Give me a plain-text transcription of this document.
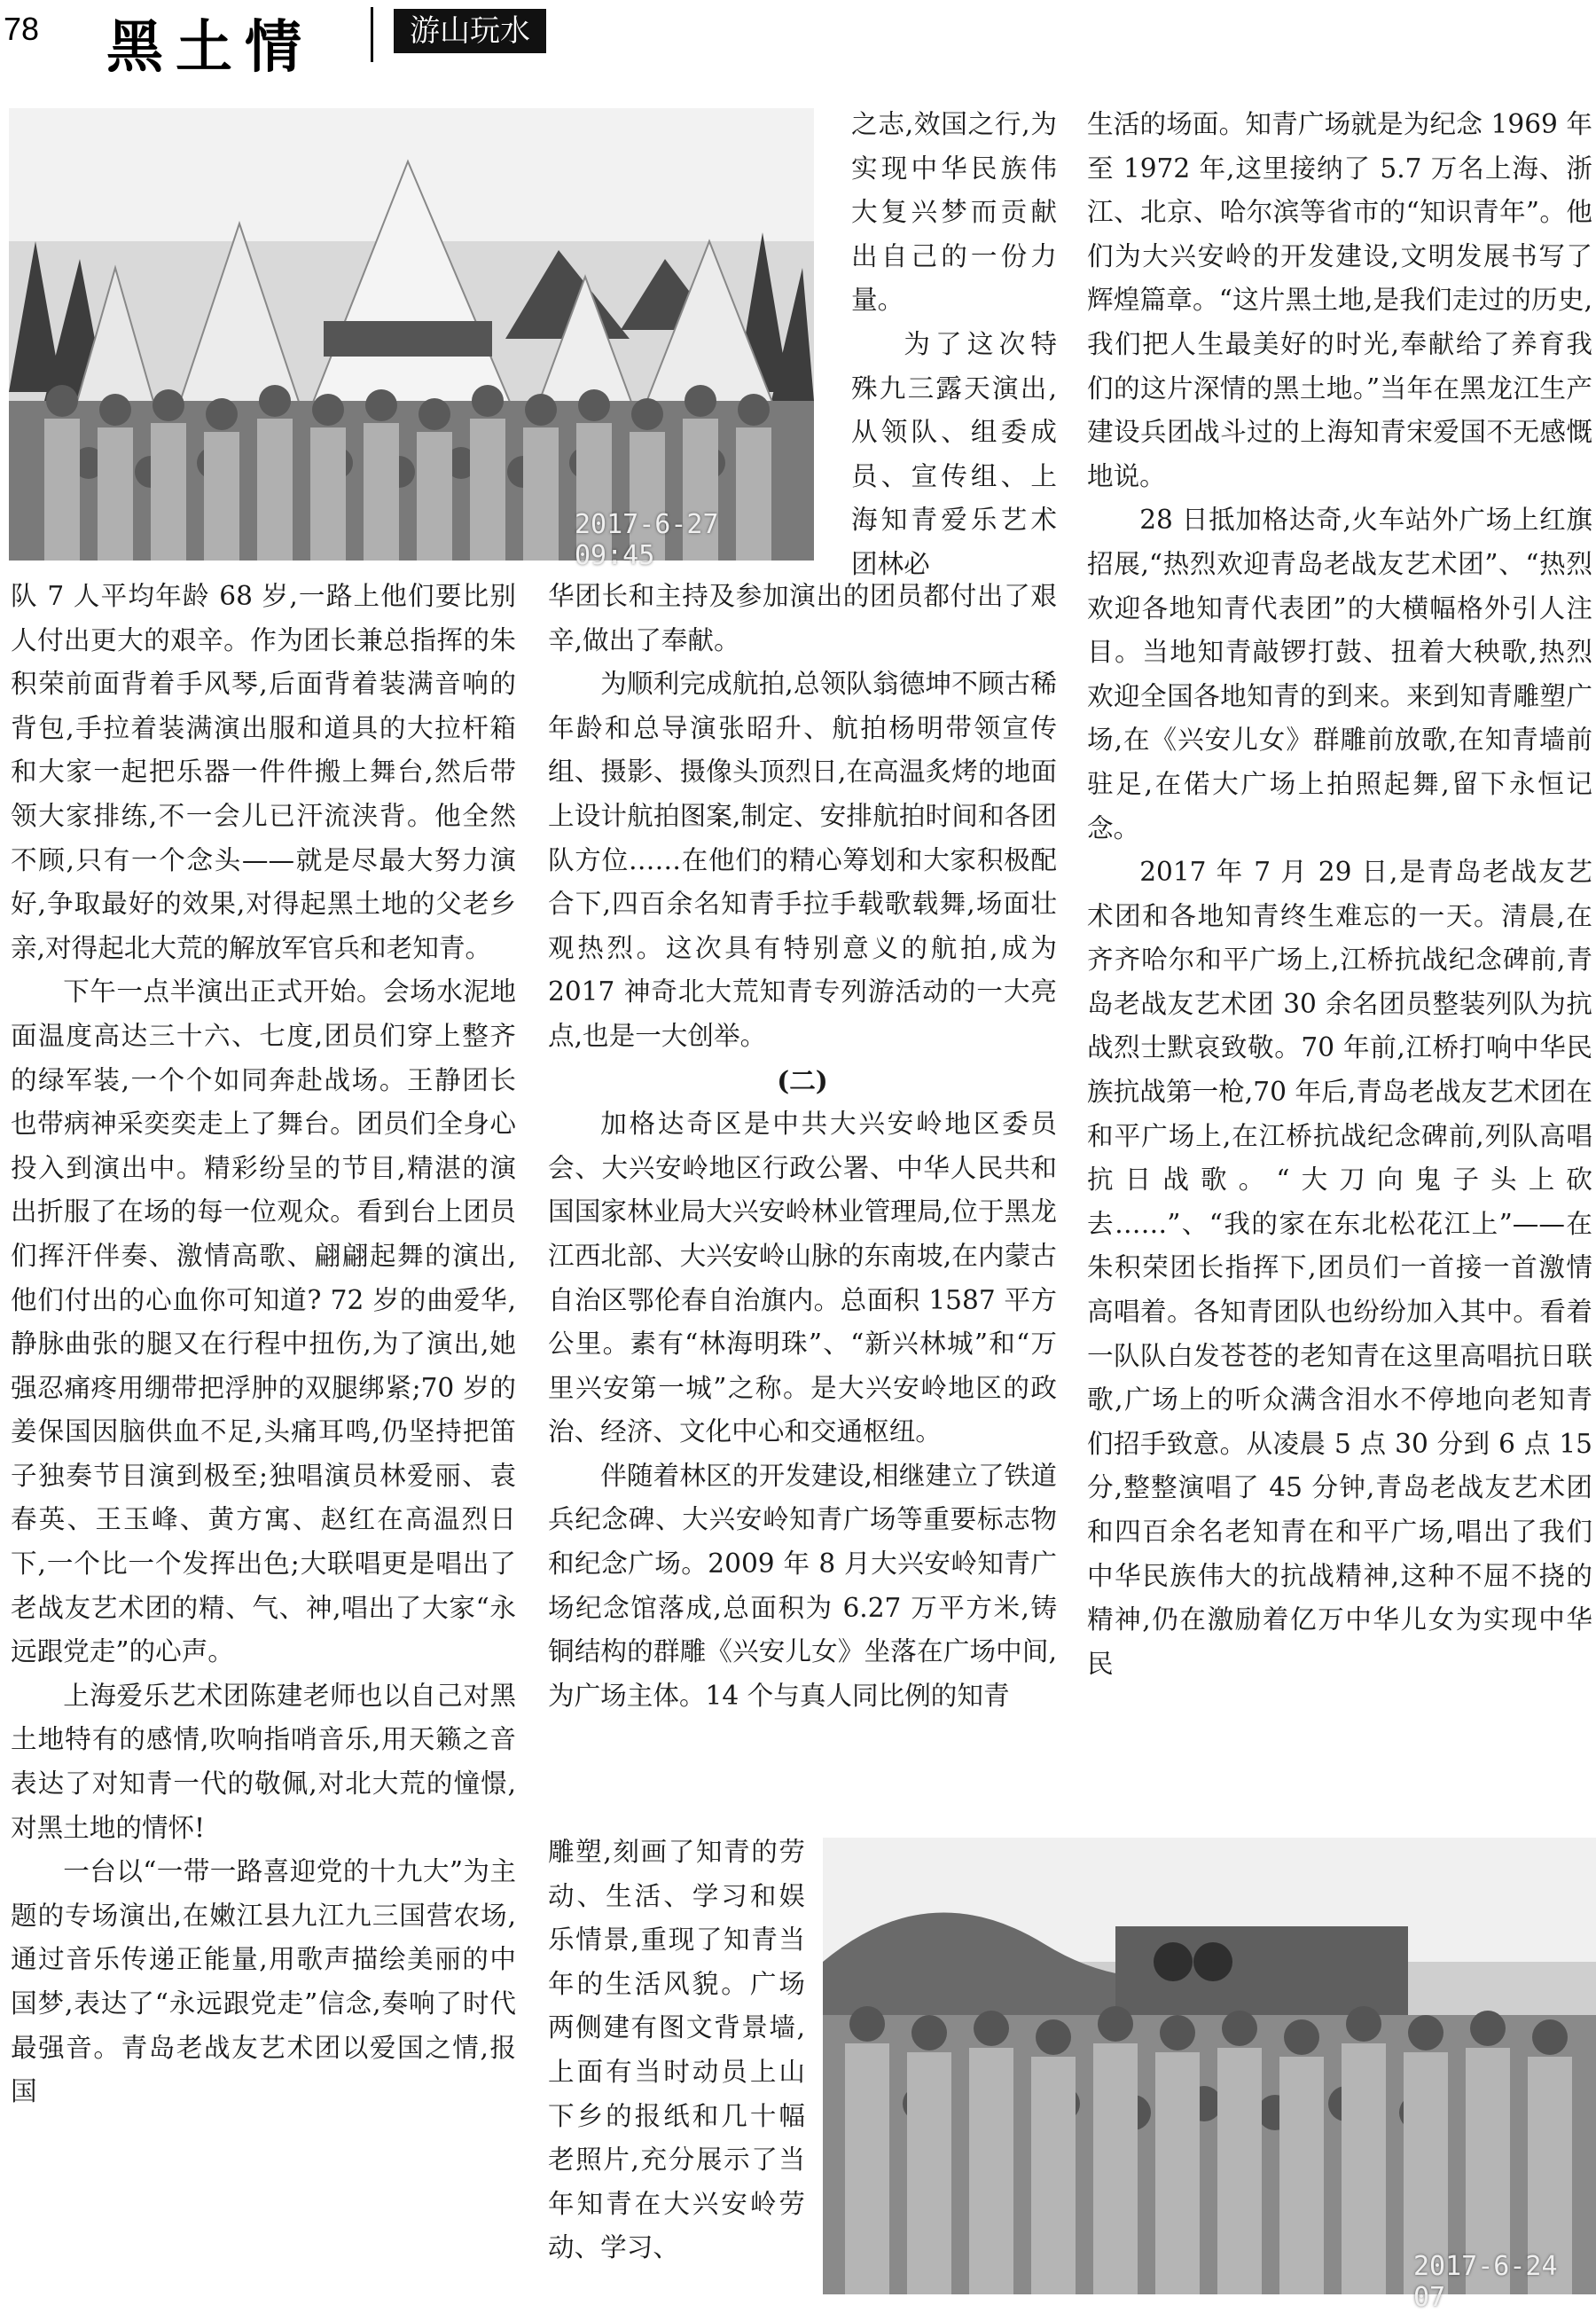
78 黑土情	游山玩水
2017-6-27 09:45
2017-6-24 07

队 7 人平均年龄 68 岁,一路上他们要比别人付出更大的艰辛。作为团长兼总指挥的朱积荣前面背着手风琴,后面背着装满音响的背包,手拉着装满演出服和道具的大拉杆箱和大家一起把乐器一件件搬上舞台,然后带领大家排练,不一会儿已汗流浃背。他全然不顾,只有一个念头——就是尽最大努力演好,争取最好的效果,对得起黑土地的父老乡亲,对得起北大荒的解放军官兵和老知青。

下午一点半演出正式开始。会场水泥地面温度高达三十六、七度,团员们穿上整齐的绿军装,一个个如同奔赴战场。王静团长也带病神采奕奕走上了舞台。团员们全身心投入到演出中。精彩纷呈的节目,精湛的演出折服了在场的每一位观众。看到台上团员们挥汗伴奏、激情高歌、翩翩起舞的演出,他们付出的心血你可知道? 72 岁的曲爱华,静脉曲张的腿又在行程中扭伤,为了演出,她强忍痛疼用绷带把浮肿的双腿绑紧;70 岁的姜保国因脑供血不足,头痛耳鸣,仍坚持把笛子独奏节目演到极至;独唱演员林爱丽、袁春英、王玉峰、黄方寓、赵红在高温烈日下,一个比一个发挥出色;大联唱更是唱出了老战友艺术团的精、气、神,唱出了大家“永远跟党走”的心声。

上海爱乐艺术团陈建老师也以自己对黑土地特有的感情,吹响指哨音乐,用天籁之音表达了对知青一代的敬佩,对北大荒的憧憬,对黑土地的情怀!

一台以“一带一路喜迎党的十九大”为主题的专场演出,在嫩江县九江九三国营农场,通过音乐传递正能量,用歌声描绘美丽的中国梦,表达了“永远跟党走”信念,奏响了时代最强音。青岛老战友艺术团以爱国之情,报国

之志,效国之行,为实现中华民族伟大复兴梦而贡献出自己的一份力量。

为了这次特殊九三露天演出,从领队、组委成员、宣传组、上海知青爱乐艺术团林必

华团长和主持及参加演出的团员都付出了艰辛,做出了奉献。

为顺利完成航拍,总领队翁德坤不顾古稀年龄和总导演张昭升、航拍杨明带领宣传组、摄影、摄像头顶烈日,在高温炙烤的地面上设计航拍图案,制定、安排航拍时间和各团队方位……在他们的精心筹划和大家积极配合下,四百余名知青手拉手载歌载舞,场面壮观热烈。这次具有特别意义的航拍,成为 2017 神奇北大荒知青专列游活动的一大亮点,也是一大创举。

(二)

加格达奇区是中共大兴安岭地区委员会、大兴安岭地区行政公署、中华人民共和国国家林业局大兴安岭林业管理局,位于黑龙江西北部、大兴安岭山脉的东南坡,在内蒙古自治区鄂伦春自治旗内。总面积 1587 平方公里。素有“林海明珠”、“新兴林城”和“万里兴安第一城”之称。是大兴安岭地区的政治、经济、文化中心和交通枢纽。

伴随着林区的开发建设,相继建立了铁道兵纪念碑、大兴安岭知青广场等重要标志物和纪念广场。2009 年 8 月大兴安岭知青广场纪念馆落成,总面积为 6.27 万平方米,铸铜结构的群雕《兴安儿女》坐落在广场中间,为广场主体。14 个与真人同比例的知青

雕塑,刻画了知青的劳动、生活、学习和娱乐情景,重现了知青当年的生活风貌。广场两侧建有图文背景墙,上面有当时动员上山下乡的报纸和几十幅老照片,充分展示了当年知青在大兴安岭劳动、学习、

生活的场面。知青广场就是为纪念 1969 年至 1972 年,这里接纳了 5.7 万名上海、浙江、北京、哈尔滨等省市的“知识青年”。他们为大兴安岭的开发建设,文明发展书写了辉煌篇章。“这片黑土地,是我们走过的历史,我们把人生最美好的时光,奉献给了养育我们的这片深情的黑土地。”当年在黑龙江生产建设兵团战斗过的上海知青宋爱国不无感慨地说。

28 日抵加格达奇,火车站外广场上红旗招展,“热烈欢迎青岛老战友艺术团”、“热烈欢迎各地知青代表团”的大横幅格外引人注目。当地知青敲锣打鼓、扭着大秧歌,热烈欢迎全国各地知青的到来。来到知青雕塑广场,在《兴安儿女》群雕前放歌,在知青墙前驻足,在偌大广场上拍照起舞,留下永恒记念。

2017 年 7 月 29 日,是青岛老战友艺术团和各地知青终生难忘的一天。清晨,在齐齐哈尔和平广场上,江桥抗战纪念碑前,青岛老战友艺术团 30 余名团员整装列队为抗战烈士默哀致敬。70 年前,江桥打响中华民族抗战第一枪,70 年后,青岛老战友艺术团在和平广场上,在江桥抗战纪念碑前,列队高唱抗日战歌。“大刀向鬼子头上砍去……”、“我的家在东北松花江上”——在朱积荣团长指挥下,团员们一首接一首激情高唱着。各知青团队也纷纷加入其中。看着一队队白发苍苍的老知青在这里高唱抗日联歌,广场上的听众满含泪水不停地向老知青们招手致意。从凌晨 5 点 30 分到 6 点 15 分,整整演唱了 45 分钟,青岛老战友艺术团和四百余名老知青在和平广场,唱出了我们中华民族伟大的抗战精神,这种不屈不挠的精神,仍在激励着亿万中华儿女为实现中华民
